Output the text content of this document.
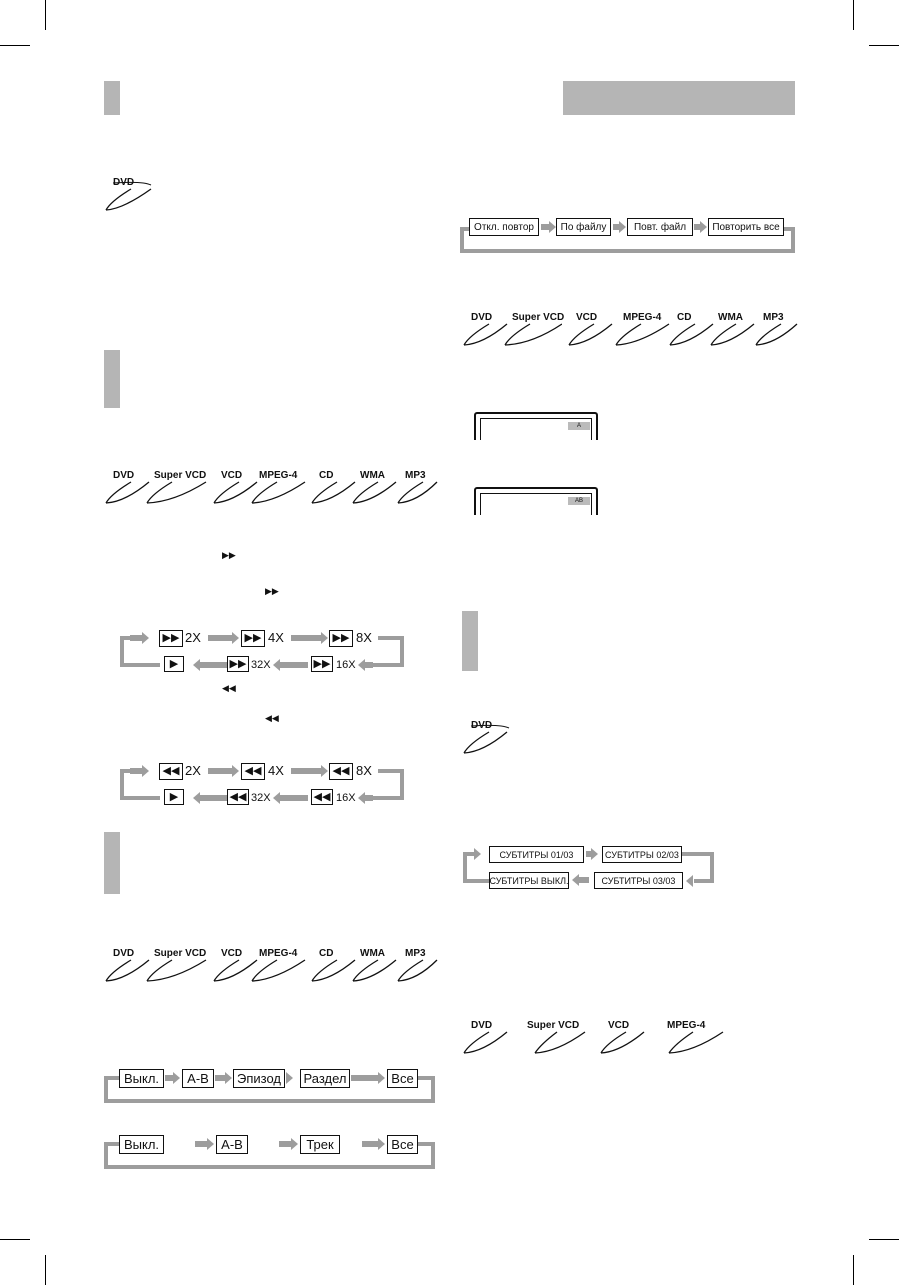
DVD
Откл. повтор	По файлу	Повт. файл	Повторить все
DVD Super VCD VCD	MPEG-4 CD	WMA MP3
DVD Super VCD VCD MPEG-4 CD	WMA MP3
▶▶
▶▶
▶▶ 2X	▶▶ 4X	▶▶ 8X
▶	▶▶ 32X	▶▶ 16X
◀◀
◀◀
◀◀ 2X	◀◀ 4X	◀◀ 8X
▶	◀◀ 32X	◀◀ 16X
A
AB
DVD
СУБТИТРЫ 01/03	СУБТИТРЫ 02/03
СУБТИТРЫ 03/03
СУБТИТРЫ ВЫКЛ.
DVD Super VCD VCD MPEG-4 CD	WMA MP3
DVD	Super VCD	VCD	MPEG-4
Выкл.	A-B	Эпизод	Раздел	Все
Выкл.	A-B	Трек	Все
